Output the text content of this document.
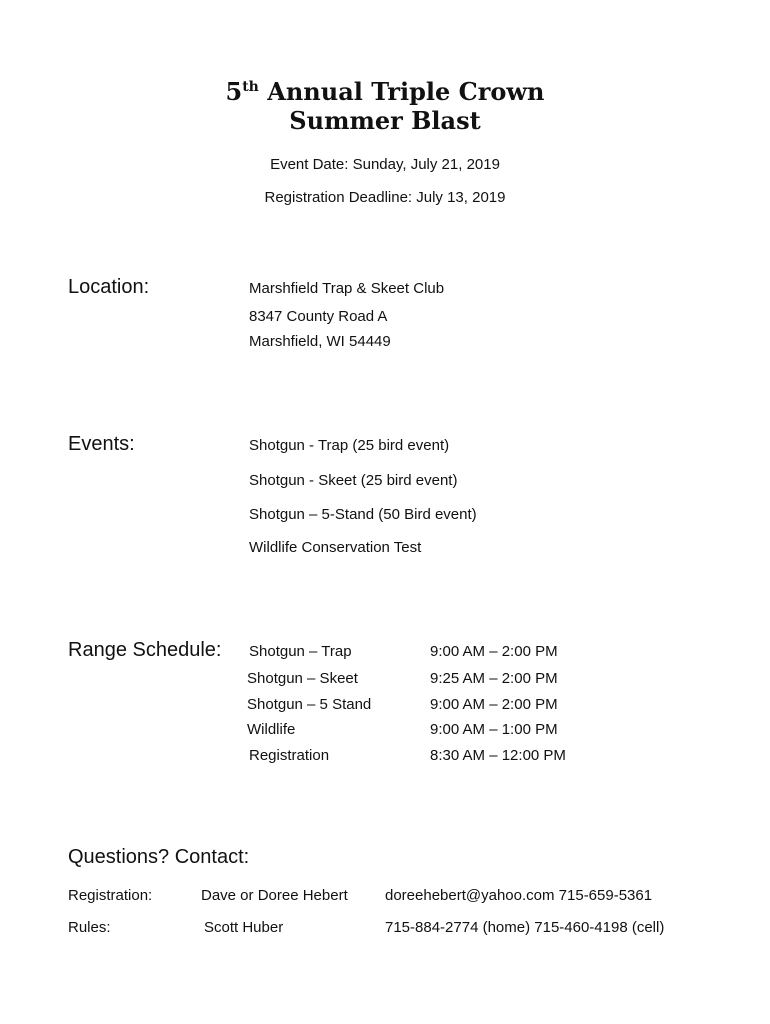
5th Annual Triple Crown
Summer Blast
Event Date: Sunday, July 21, 2019
Registration Deadline: July 13, 2019
Location:	Marshfield Trap & Skeet Club
8347 County Road A
Marshfield, WI 54449
Events:	Shotgun - Trap (25 bird event)
Shotgun - Skeet (25 bird event)
Shotgun – 5-Stand (50 Bird event)
Wildlife Conservation Test
Range Schedule: Shotgun – Trap	9:00 AM – 2:00 PM
Shotgun – Skeet	9:25 AM – 2:00 PM
Shotgun – 5 Stand	9:00 AM – 2:00 PM
Wildlife	9:00 AM – 1:00 PM
Registration	8:30 AM – 12:00 PM
Questions? Contact:
Registration:	Dave or Doree Hebert doreehebert@yahoo.com 715-659-5361
Rules:	Scott Huber	715-884-2774 (home) 715-460-4198 (cell)
